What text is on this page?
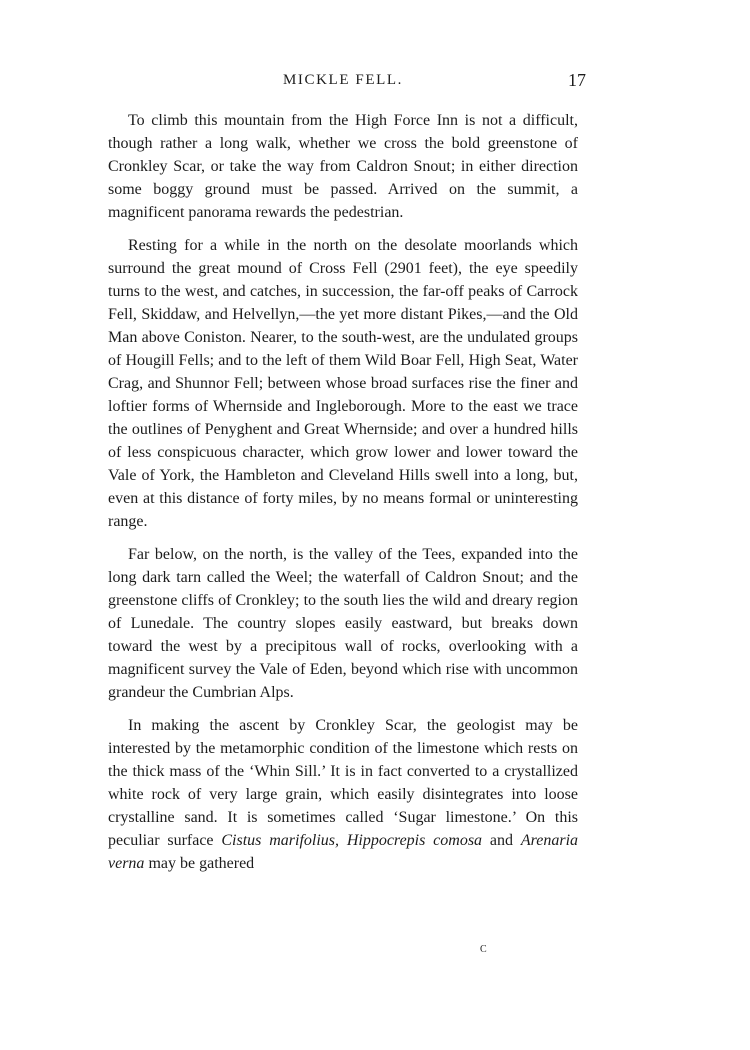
MICKLE FELL.	17

To climb this mountain from the High Force Inn is not a difficult, though rather a long walk, whether we cross the bold greenstone of Cronkley Scar, or take the way from Caldron Snout; in either direction some boggy ground must be passed. Arrived on the summit, a magnificent panorama rewards the pedestrian.

Resting for a while in the north on the desolate moorlands which surround the great mound of Cross Fell (2901 feet), the eye speedily turns to the west, and catches, in succession, the far-off peaks of Carrock Fell, Skiddaw, and Helvellyn,—the yet more distant Pikes,—and the Old Man above Coniston. Nearer, to the south-west, are the undulated groups of Hougill Fells; and to the left of them Wild Boar Fell, High Seat, Water Crag, and Shunnor Fell; between whose broad surfaces rise the finer and loftier forms of Whernside and Ingleborough. More to the east we trace the outlines of Penyghent and Great Whernside; and over a hundred hills of less conspicuous character, which grow lower and lower toward the Vale of York, the Hambleton and Cleveland Hills swell into a long, but, even at this distance of forty miles, by no means formal or uninteresting range.

Far below, on the north, is the valley of the Tees, expanded into the long dark tarn called the Weel; the waterfall of Caldron Snout; and the greenstone cliffs of Cronkley; to the south lies the wild and dreary region of Lunedale. The country slopes easily eastward, but breaks down toward the west by a precipitous wall of rocks, overlooking with a magnificent survey the Vale of Eden, beyond which rise with uncommon grandeur the Cumbrian Alps.

In making the ascent by Cronkley Scar, the geologist may be interested by the metamorphic condition of the limestone which rests on the thick mass of the ‘Whin Sill.’ It is in fact converted to a crystallized white rock of very large grain, which easily disintegrates into loose crystalline sand. It is sometimes called ‘Sugar limestone.’ On this peculiar surface Cistus marifolius, Hippocrepis comosa and Arenaria verna may be gathered

c
